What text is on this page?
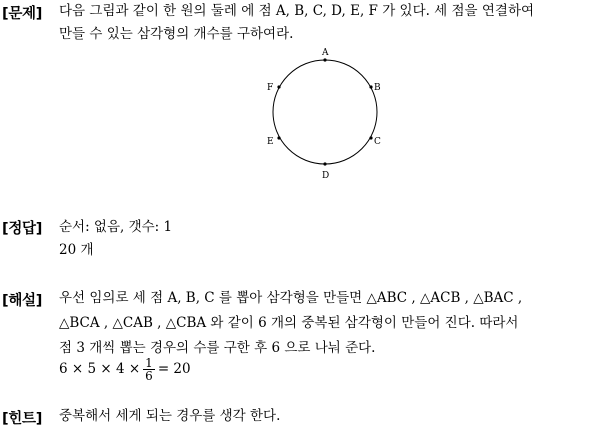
[문제] 다음 그림과 같이 한 원의 둘레 에 점 A, B, C, D, E, F 가 있다. 세 점을 연결하여
만들 수 있는 삼각형의 개수를 구하여라.
A
B
C
D
E
F
[정답] 순서: 없음, 갯수: 1
20 개
[해설] 우선 임의로 세 점 A, B, C 를 뽑아 삼각형을 만들면 △ABC , △ACB , △BAC ,
△BCA , △CAB , △CBA 와 같이 6 개의 중복된 삼각형이 만들어 진다. 따라서
점 3 개씩 뽑는 경우의 수를 구한 후 6 으로 나눠 준다.
$6 \times 5 \times 4 \times \frac{1}{6} = 20$
[힌트] 중복해서 세게 되는 경우를 생각 한다.
